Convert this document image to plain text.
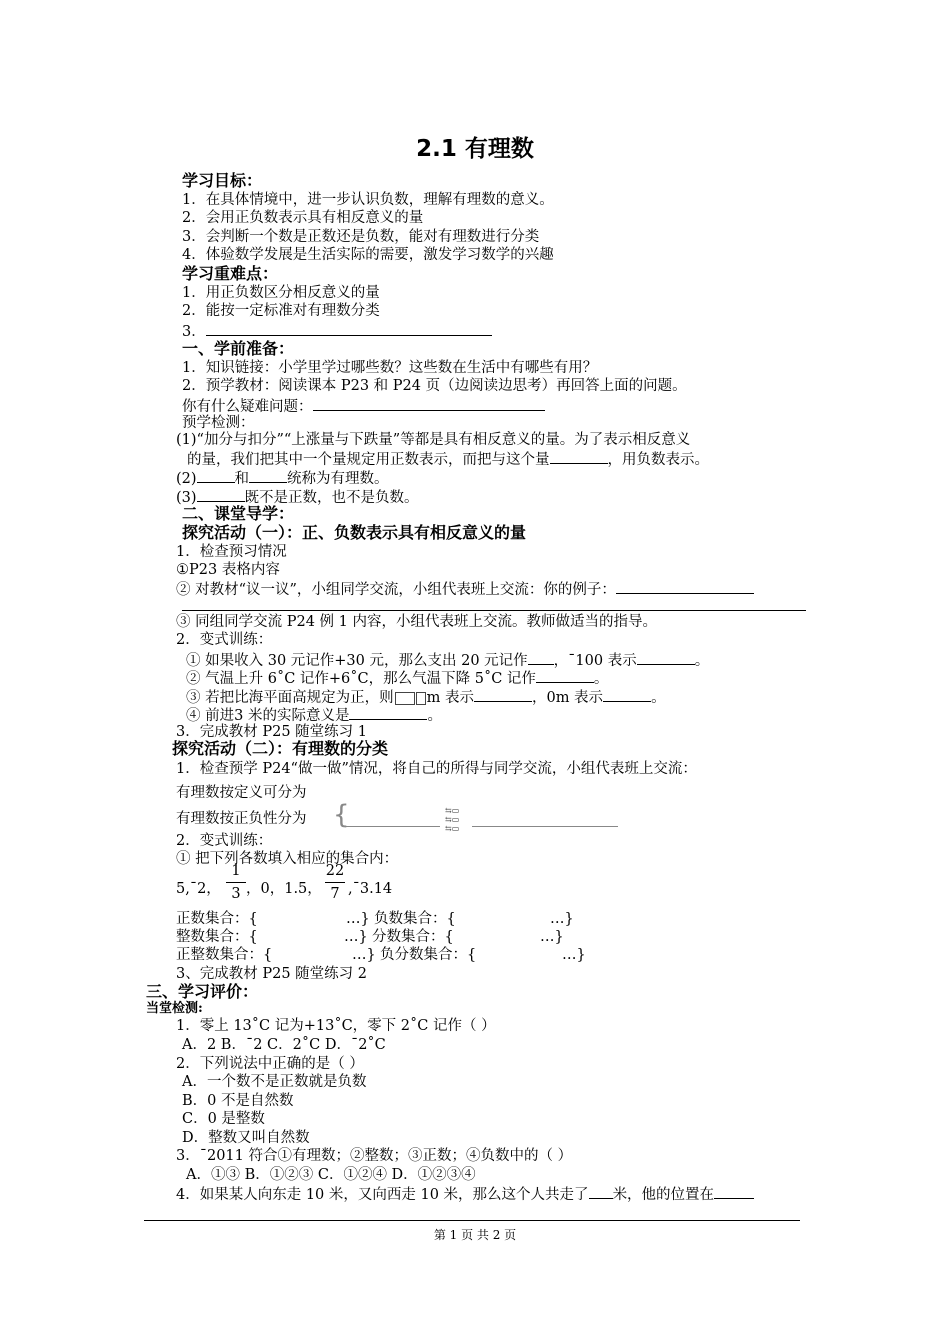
2.1 有理数
学习目标：
1．在具体情境中，进一步认识负数，理解有理数的意义。
2．会用正负数表示具有相反意义的量
3．会判断一个数是正数还是负数，能对有理数进行分类
4．体验数学发展是生活实际的需要，激发学习数学的兴趣
学习重难点：
1．用正负数区分相反意义的量
2．能按一定标准对有理数分类
3．
一、学前准备：
1．知识链接：小学里学过哪些数？这些数在生活中有哪些有用？
2．预学教材：阅读课本 P23 和 P24 页（边阅读边思考）再回答上面的问题。
你有什么疑难问题：
预学检测：
(1)“加分与扣分”“上涨量与下跌量”等都是具有相反意义的量。为了表示相反意义
的量，我们把其中一个量规定用正数表示，而把与这个量	，用负数表示。
(2)	和	统称为有理数。
(3)	既不是正数，也不是负数。
二、课堂导学：
探究活动（一）：正、负数表示具有相反意义的量
1．检查预习情况
①P23 表格内容
② 对教材“议一议”，小组同学交流，小组代表班上交流：你的例子：
③ 同组同学交流 P24 例 1 内容，小组代表班上交流。教师做适当的指导。
2．变式训练：
① 如果收入 30 元记作+30 元，那么支出 20 元记作 ，ˉ100 表示	。
② 气温上升 6˚C 记作+6˚C，那么气温下降 5˚C 记作	。
③ 若把比海平面高规定为正，则 m 表示	，0m 表示	。
④ 前进3 米的实际意义是	。
3．完成教材 P25 随堂练习 1
探究活动（二）：有理数的分类
1．检查预学 P24“做一做”情况，将自己的所得与同学交流，小组代表班上交流：
有理数按定义可分为
有理数按正负性分为 {	⇆▭
⇆▭
⇆▭
2．变式训练：
① 把下列各数填入相应的集合内：
5,ˉ2，
1
3 ，0，1.5，
22
7 ,ˉ3.14
正数集合：{	…} 负数集合：{	…}
整数集合：{	…} 分数集合：{	…}
正整数集合：{	…} 负分数集合：{	…}
3、完成教材 P25 随堂练习 2
三、学习评价：
当堂检测:
1．零上 13˚C 记为+13˚C，零下 2˚C 记作（ ）
A．2 B．ˉ2 C．2˚C D．ˉ2˚C
2．下列说法中正确的是（ ）
A．一个数不是正数就是负数
B．0 不是自然数
C．0 是整数
D．整数又叫自然数
3．ˉ2011 符合①有理数；②整数；③正数；④负数中的（ ）
A．①③ B．①②③ C．①②④ D．①②③④
4．如果某人向东走 10 米，又向西走 10 米，那么这个人共走了 米，他的位置在
第 1 页 共 2 页
